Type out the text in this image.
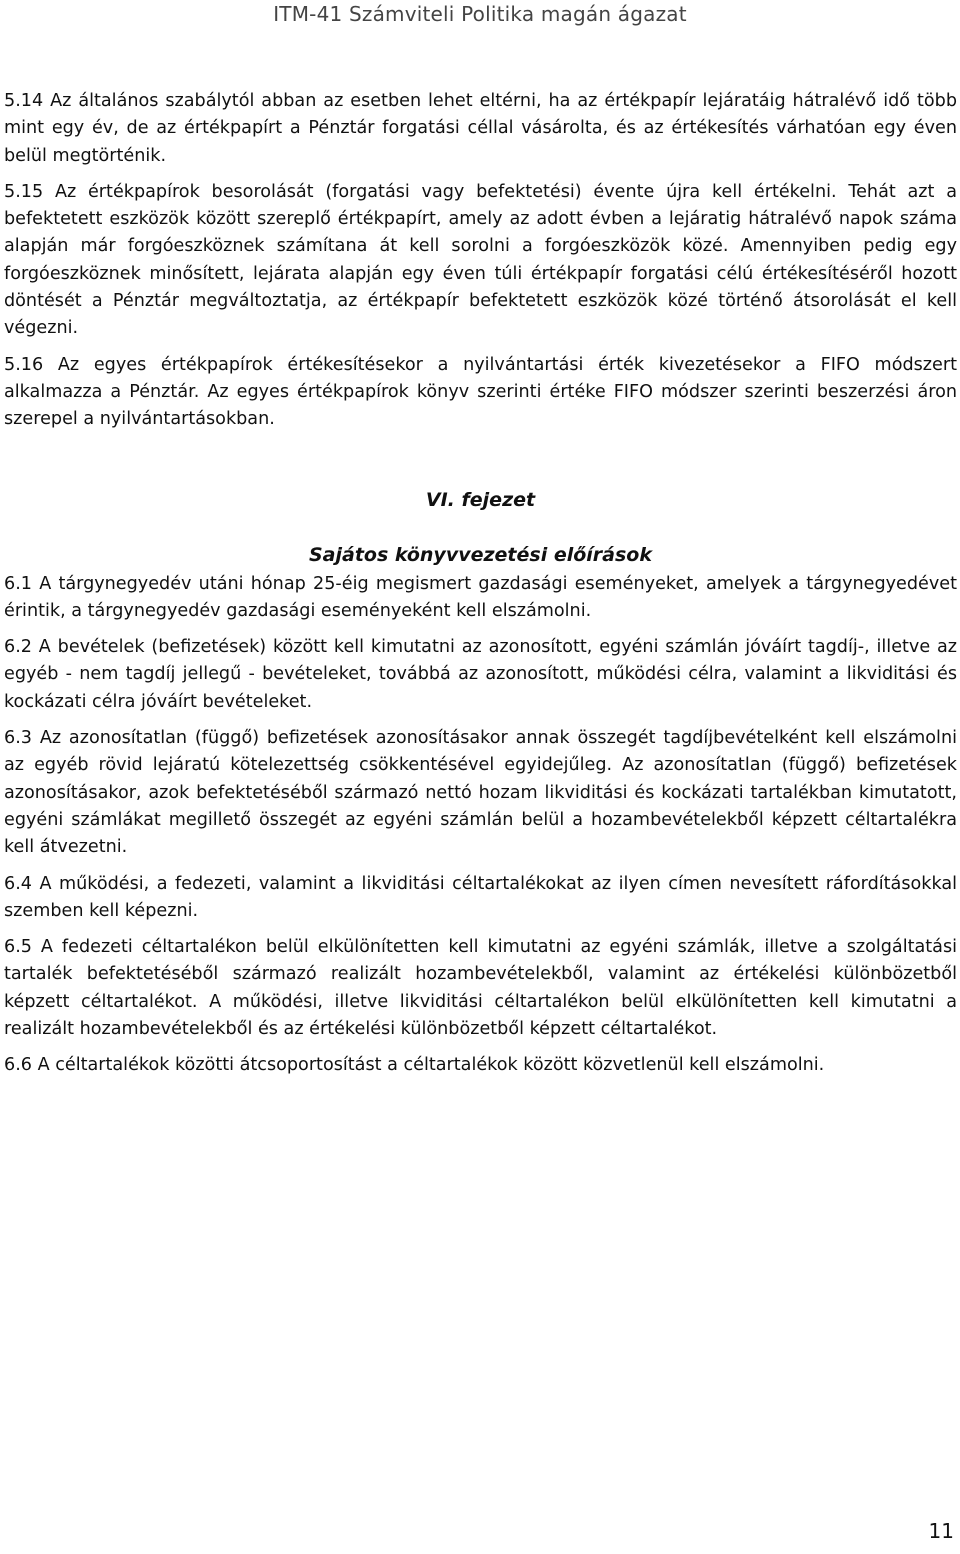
ITM-41 Számviteli Politika magán ágazat

5.14 Az általános szabálytól abban az esetben lehet eltérni, ha az értékpapír lejáratáig hátralévő idő több mint egy év, de az értékpapírt a Pénztár forgatási céllal vásárolta, és az értékesítés várhatóan egy éven belül megtörténik.

5.15 Az értékpapírok besorolását (forgatási vagy befektetési) évente újra kell értékelni. Tehát azt a befektetett eszközök között szereplő értékpapírt, amely az adott évben a lejáratig hátralévő napok száma alapján már forgóeszköznek számítana át kell sorolni a forgóeszközök közé. Amennyiben pedig egy forgóeszköznek minősített, lejárata alapján egy éven túli értékpapír forgatási célú értékesítéséről hozott döntését a Pénztár megváltoztatja, az értékpapír befektetett eszközök közé történő átsorolását el kell végezni.

5.16 Az egyes értékpapírok értékesítésekor a nyilvántartási érték kivezetésekor a FIFO módszert alkalmazza a Pénztár. Az egyes értékpapírok könyv szerinti értéke FIFO módszer szerinti beszerzési áron szerepel a nyilvántartásokban.

VI. fejezet
Sajátos könyvvezetési előírások

6.1 A tárgynegyedév utáni hónap 25-éig megismert gazdasági eseményeket, amelyek a tárgynegyedévet érintik, a tárgynegyedév gazdasági eseményeként kell elszámolni.

6.2 A bevételek (befizetések) között kell kimutatni az azonosított, egyéni számlán jóváírt tagdíj-, illetve az egyéb - nem tagdíj jellegű - bevételeket, továbbá az azonosított, működési célra, valamint a likviditási és kockázati célra jóváírt bevételeket.

6.3 Az azonosítatlan (függő) befizetések azonosításakor annak összegét tagdíjbevételként kell elszámolni az egyéb rövid lejáratú kötelezettség csökkentésével egyidejűleg. Az azonosítatlan (függő) befizetések azonosításakor, azok befektetéséből származó nettó hozam likviditási és kockázati tartalékban kimutatott, egyéni számlákat megillető összegét az egyéni számlán belül a hozambevételekből képzett céltartalékra kell átvezetni.

6.4 A működési, a fedezeti, valamint a likviditási céltartalékokat az ilyen címen nevesített ráfordításokkal szemben kell képezni.

6.5 A fedezeti céltartalékon belül elkülönítetten kell kimutatni az egyéni számlák, illetve a szolgáltatási tartalék befektetéséből származó realizált hozambevételekből, valamint az értékelési különbözetből képzett céltartalékot. A működési, illetve likviditási céltartalékon belül elkülönítetten kell kimutatni a realizált hozambevételekből és az értékelési különbözetből képzett céltartalékot.

6.6 A céltartalékok közötti átcsoportosítást a céltartalékok között közvetlenül kell elszámolni.

11
